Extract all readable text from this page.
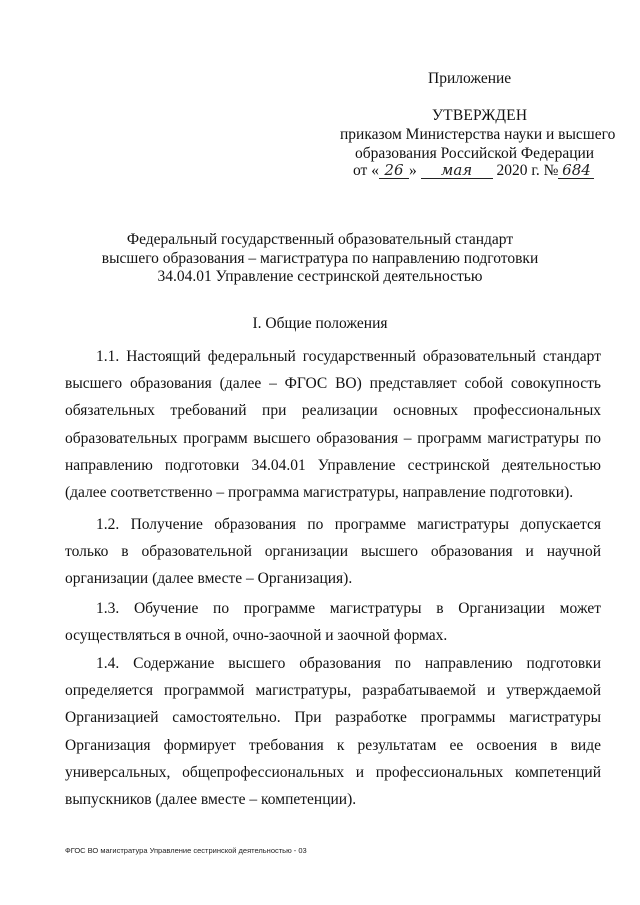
Приложение
УТВЕРЖДЕН
приказом Министерства науки и высшего
образования Российской Федерации
от « 26 » мая 2020 г. № 684
Федеральный государственный образовательный стандарт
высшего образования – магистратура по направлению подготовки
34.04.01 Управление сестринской деятельностью
I. Общие положения

1.1. Настоящий федеральный государственный образовательный стандарт высшего образования (далее – ФГОС ВО) представляет собой совокупность обязательных требований при реализации основных профессиональных образовательных программ высшего образования – программ магистратуры по направлению подготовки 34.04.01 Управление сестринской деятельностью (далее соответственно – программа магистратуры, направление подготовки).

1.2. Получение образования по программе магистратуры допускается только в образовательной организации высшего образования и научной организации (далее вместе – Организация).

1.3. Обучение по программе магистратуры в Организации может осуществляться в очной, очно-заочной и заочной формах.

1.4. Содержание высшего образования по направлению подготовки определяется программой магистратуры, разрабатываемой и утверждаемой Организацией самостоятельно. При разработке программы магистратуры Организация формирует требования к результатам ее освоения в виде универсальных, общепрофессиональных и профессиональных компетенций выпускников (далее вместе – компетенции).

ФГОС ВО магистратура Управление сестринской деятельностью - 03
